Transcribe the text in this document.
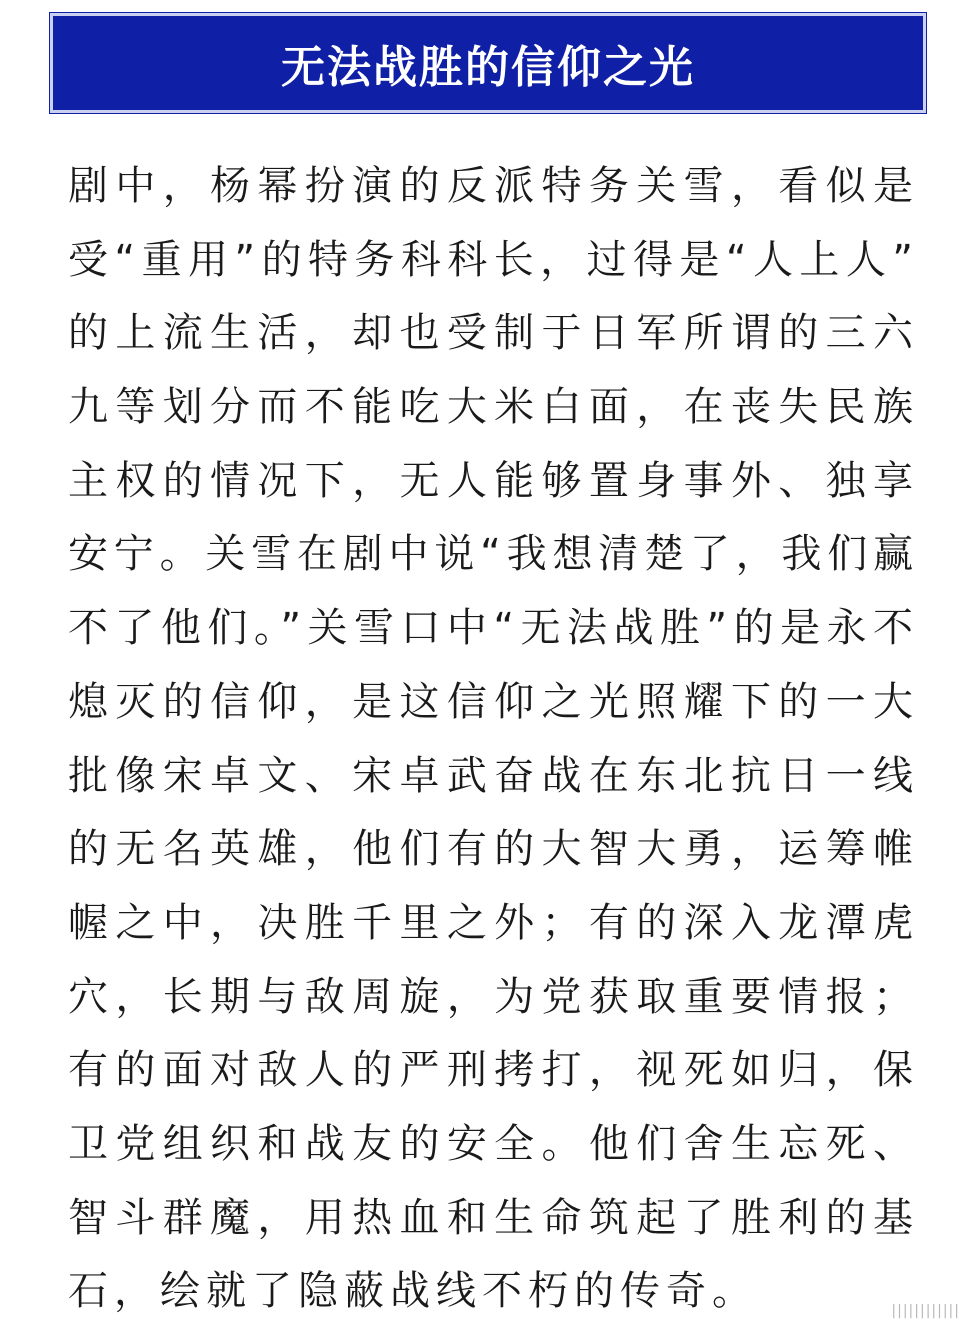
无法战胜的信仰之光
剧中，杨幂扮演的反派特务关雪，看似是
受“重用”的特务科科长，过得是“人上人”
的上流生活，却也受制于日军所谓的三六
九等划分而不能吃大米白面，在丧失民族
主权的情况下，无人能够置身事外、独享
安宁。关雪在剧中说“我想清楚了，我们赢
不了他们。”关雪口中“无法战胜”的是永不
熄灭的信仰，是这信仰之光照耀下的一大
批像宋卓文、宋卓武奋战在东北抗日一线
的无名英雄，他们有的大智大勇，运筹帷
幄之中，决胜千里之外；有的深入龙潭虎
穴，长期与敌周旋，为党获取重要情报；
有的面对敌人的严刑拷打，视死如归，保
卫党组织和战友的安全。他们舍生忘死、
智斗群魔，用热血和生命筑起了胜利的基
石，绘就了隐蔽战线不朽的传奇。	||||||||||||
